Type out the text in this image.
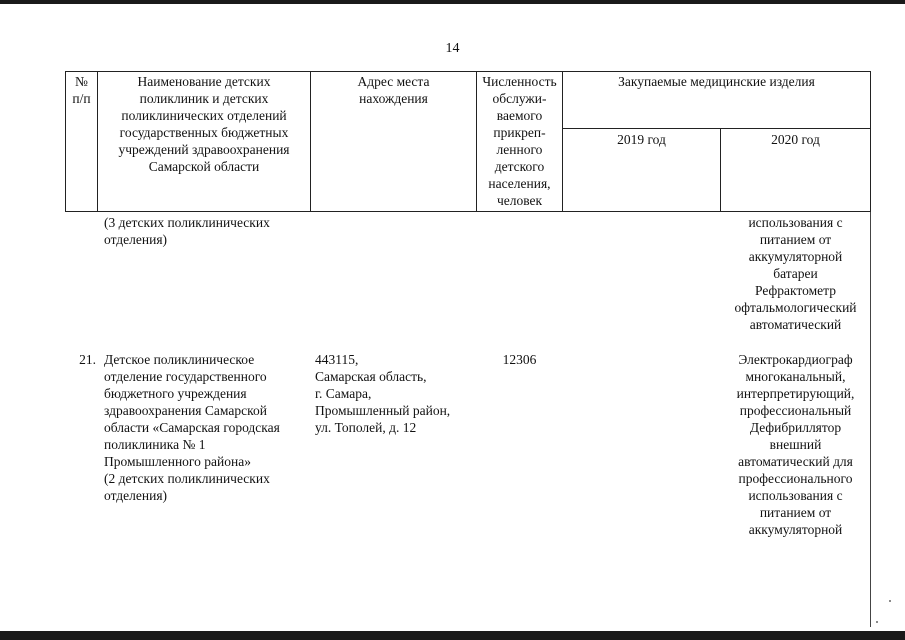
14
№
п/п
Наименование детских
поликлиник и детских
поликлинических отделений
государственных бюджетных
учреждений здравоохранения
Самарской области
Адрес места
нахождения
Численность
обслужи-
ваемого
прикреп-
ленного
детского
населения,
человек
Закупаемые медицинские изделия
2019 год	2020 год
(3 детских поликлинических
отделения)
использования с
питанием от
аккумуляторной
батареи
Рефрактометр
офтальмологический
автоматический
21. Детское поликлиническое
отделение государственного
бюджетного учреждения
здравоохранения Самарской
области «Самарская городская
поликлиника № 1
Промышленного района»
(2 детских поликлинических
отделения)
443115,
Самарская область,
г. Самара,
Промышленный район,
ул. Тополей, д. 12
12306	Электрокардиограф
многоканальный,
интерпретирующий,
профессиональный
Дефибриллятор
внешний
автоматический для
профессионального
использования с
питанием от
аккумуляторной
